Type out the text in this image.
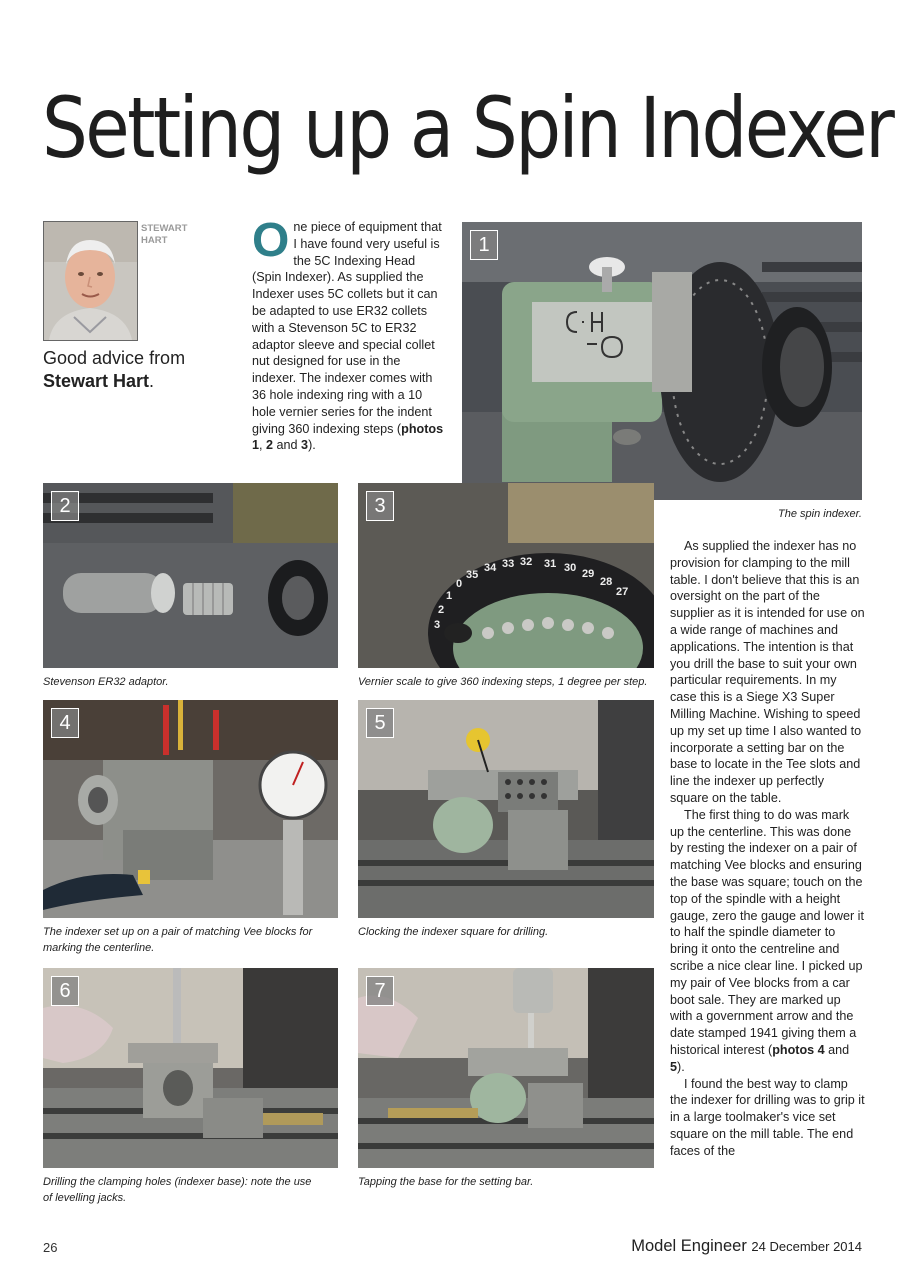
Setting up a Spin Indexer
STEWART
HART
Good advice from
Stewart Hart.
One piece of equipment that I have found very useful is the 5C Indexing Head (Spin Indexer). As supplied the Indexer uses 5C collets but it can be adapted to use ER32 collets with a Stevenson 5C to ER32 adaptor sleeve and special collet nut designed for use in the indexer. The indexer comes with 36 hole indexing ring with a 10 hole vernier series for the indent giving 360 indexing steps (photos 1, 2 and 3).
1
The spin indexer.
2
Stevenson ER32 adaptor.
35
34 33 32 31 30 29
28
27
0
1
2
3
3
Vernier scale to give 360 indexing steps, 1 degree per step.
4
The indexer set up on a pair of matching Vee blocks for marking the centerline.
5
Clocking the indexer square for drilling.
6
Drilling the clamping holes (indexer base): note the use of levelling jacks.
7
Tapping the base for the setting bar.

As supplied the indexer has no provision for clamping to the mill table. I don't believe that this is an oversight on the part of the supplier as it is intended for use on a wide range of machines and applications. The intention is that you drill the base to suit your own particular requirements. In my case this is a Siege X3 Super Milling Machine. Wishing to speed up my set up time I also wanted to incorporate a setting bar on the base to locate in the Tee slots and line the indexer up perfectly square on the table.

The first thing to do was mark up the centerline. This was done by resting the indexer on a pair of matching Vee blocks and ensuring the base was square; touch on the top of the spindle with a height gauge, zero the gauge and lower it to half the spindle diameter to bring it onto the centreline and scribe a nice clear line. I picked up my pair of Vee blocks from a car boot sale. They are marked up with a government arrow and the date stamped 1941 giving them a historical interest (photos 4 and 5).

I found the best way to clamp the indexer for drilling was to grip it in a large toolmaker's vice set square on the mill table. The end faces of the

26	Model Engineer 24 December 2014
